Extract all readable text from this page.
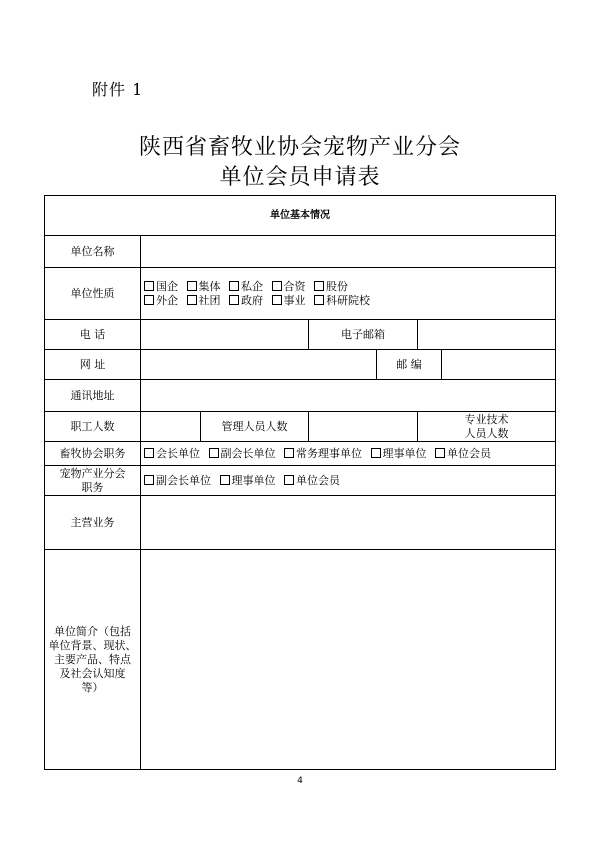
附件 1
陕西省畜牧业协会宠物产业分会
单位会员申请表
单位基本情况						
单位名称						
单位性质	国企 集体 私企 合资 股份
外企 社团 政府 事业 科研院校					

电 话			电子邮箱			
网 址				邮 编		
通讯地址						
职工人数		管理人员人数			专业技术
人员人数	

畜牧协会职务	会长单位 副会长单位 常务理事单位 理事单位 单位会员					

宠物产业分会
职务	副会长单位 理事单位 单位会员					
主营业务						

单位简介（包括
单位背景、现状、
主要产品、特点
及社会认知度
等）						

4
